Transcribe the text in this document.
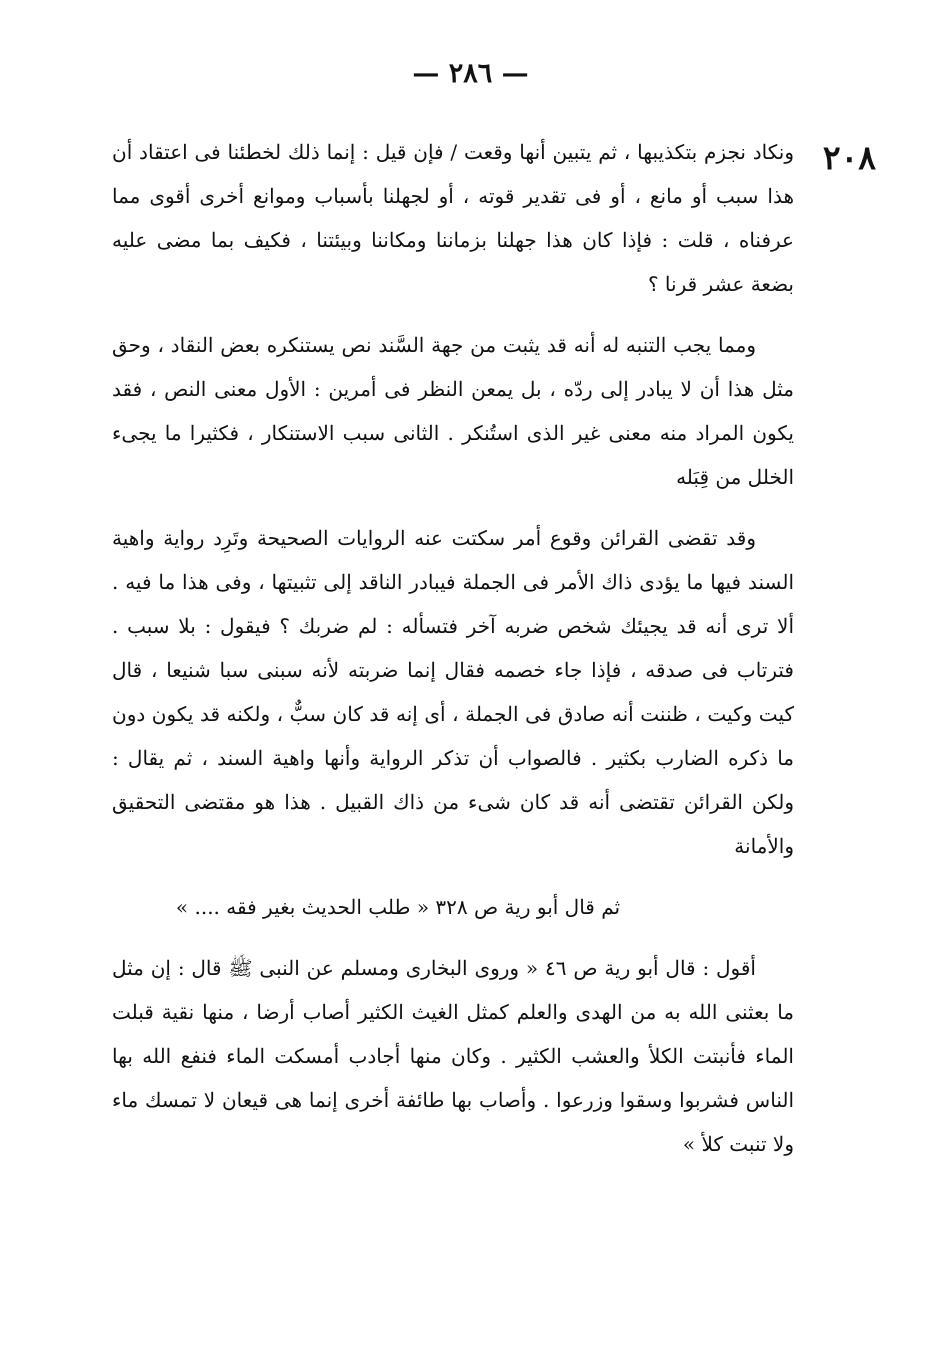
— ٢٨٦ —
٢٠٨

ونكاد نجزم بتكذيبها ، ثم يتبين أنها وقعت / فإن قيل : إنما ذلك لخطئنا فى اعتقاد أن هذا سبب أو مانع ، أو فى تقدير قوته ، أو لجهلنا بأسباب وموانع أخرى أقوى مما عرفناه ، قلت : فإذا كان هذا جهلنا بزماننا ومكاننا وبيئتنا ، فكيف بما مضى عليه بضعة عشر قرنا ؟

ومما يجب التنبه له أنه قد يثبت من جهة السَّند نص يستنكره بعض النقاد ، وحق مثل هذا أن لا يبادر إلى ردّه ، بل يمعن النظر فى أمرين : الأول معنى النص ، فقد يكون المراد منه معنى غير الذى استُنكر . الثانى سبب الاستنكار ، فكثيرا ما يجىء الخلل من قِبَله

وقد تقضى القرائن وقوع أمر سكتت عنه الروايات الصحيحة وتَرِد رواية واهية السند فيها ما يؤدى ذاك الأمر فى الجملة فيبادر الناقد إلى تثبيتها ، وفى هذا ما فيه . ألا ترى أنه قد يجيئك شخص ضربه آخر فتسأله : لم ضربك ؟ فيقول : بلا سبب . فترتاب فى صدقه ، فإذا جاء خصمه فقال إنما ضربته لأنه سبنى سبا شنيعا ، قال كيت وكيت ، ظننت أنه صادق فى الجملة ، أى إنه قد كان سبٌّ ، ولكنه قد يكون دون ما ذكره الضارب بكثير . فالصواب أن تذكر الرواية وأنها واهية السند ، ثم يقال : ولكن القرائن تقتضى أنه قد كان شىء من ذاك القبيل . هذا هو مقتضى التحقيق والأمانة

ثم قال أبو رية ص ٣٢٨ « طلب الحديث بغير فقه .... »

أقول : قال أبو رية ص ٤٦ « وروى البخارى ومسلم عن النبى ﷺ قال : إن مثل ما بعثنى الله به من الهدى والعلم كمثل الغيث الكثير أصاب أرضا ، منها نقية قبلت الماء فأنبتت الكلأ والعشب الكثير . وكان منها أجادب أمسكت الماء فنفع الله بها الناس فشربوا وسقوا وزرعوا . وأصاب بها طائفة أخرى إنما هى قيعان لا تمسك ماء ولا تنبت كلأ »
